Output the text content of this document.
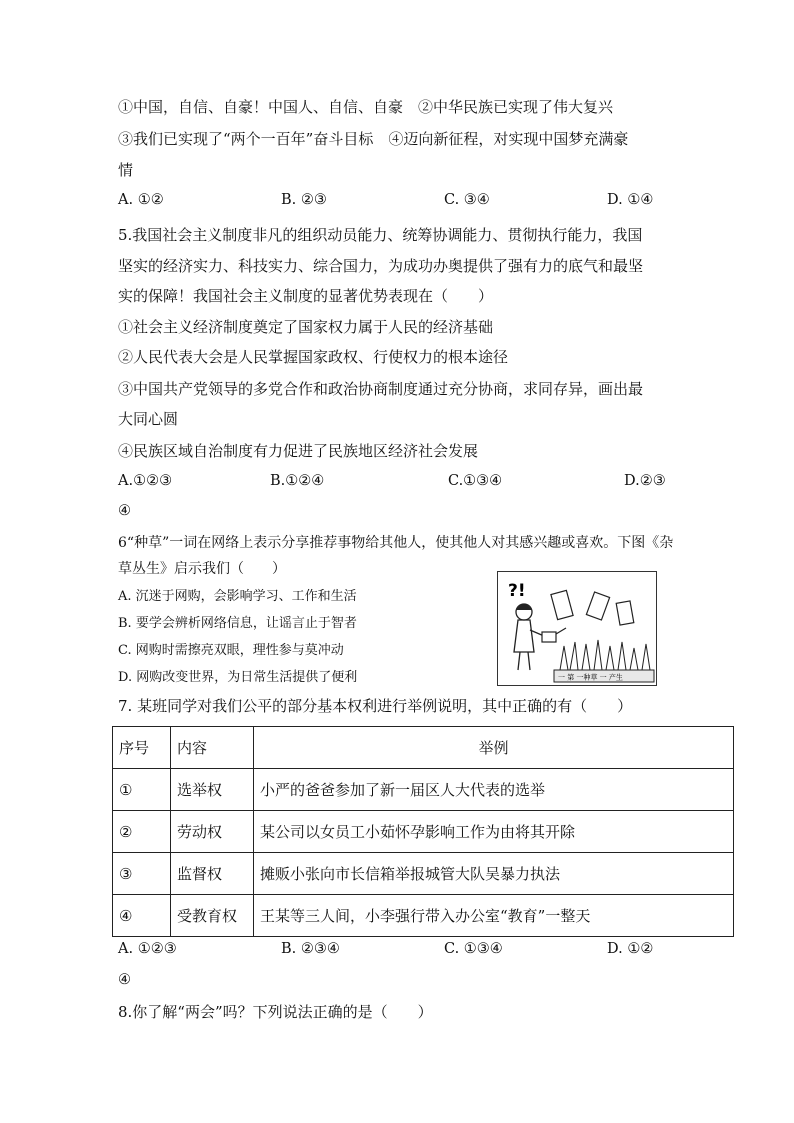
①中国，自信、自豪！中国人、自信、自豪　②中华民族已实现了伟大复兴
③我们已实现了“两个一百年”奋斗目标　④迈向新征程，对实现中国梦充满豪
情
A. ①②	B. ②③	C. ③④	D. ①④
5.我国社会主义制度非凡的组织动员能力、统筹协调能力、贯彻执行能力，我国
坚实的经济实力、科技实力、综合国力，为成功办奥提供了强有力的底气和最坚
实的保障！我国社会主义制度的显著优势表现在（　　）
①社会主义经济制度奠定了国家权力属于人民的经济基础
②人民代表大会是人民掌握国家政权、行使权力的根本途径
③中国共产党领导的多党合作和政治协商制度通过充分协商，求同存异，画出最
大同心圆
④民族区域自治制度有力促进了民族地区经济社会发展
A.①②③	B.①②④	C.①③④	D.②③
④
6“种草”一词在网络上表示分享推荐事物给其他人，使其他人对其感兴趣或喜欢。下图《杂
草丛生》启示我们（　　）
A. 沉迷于网购，会影响学习、工作和生活
B. 要学会辨析网络信息，让谣言止于智者
C. 网购时需擦亮双眼，理性参与莫冲动
D. 网购改变世界，为日常生活提供了便利
?!
一 第 一种草 一 产生
7. 某班同学对我们公平的部分基本权利进行举例说明，其中正确的有（　　）
序号	内容	举例
①	选举权	小严的爸爸参加了新一届区人大代表的选举
②	劳动权	某公司以女员工小茹怀孕影响工作为由将其开除
③	监督权	摊贩小张向市长信箱举报城管大队吴暴力执法
④	受教育权	王某等三人间，小李强行带入办公室“教育”一整天
A. ①②③	B. ②③④	C. ①③④	D. ①②
④
8.你了解“两会”吗？下列说法正确的是（　　）
